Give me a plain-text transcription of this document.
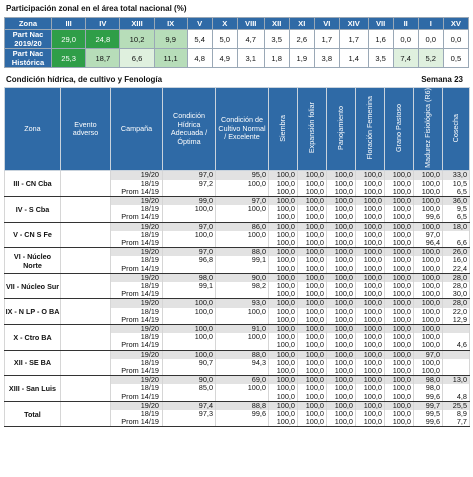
Participación zonal en el área total nacional (%)
Zona	III	IV	XIII	IX	V	X	VIII	XII	XI	VI	XIV	VII	II	I	XV
Part Nac 2019/20	29,0	24,8	10,2	9,9	5,4	5,0	4,7	3,5	2,6	1,7	1,7	1,6	0,0	0,0	0,0
Part Nac Histórica	25,3	18,7	6,6	11,1	4,8	4,9	3,1	1,8	1,9	3,8	1,4	3,5	7,4	5,2	0,5
Condición hídrica, de cultivo y Fenología	Semana 23
Zona	Evento adverso	Campaña	Condición Hídrica Adecuada / Óptima	Condición de Cultivo Normal / Excelente	Siembra	Expansión foliar	Panojamiento	Floración Femenina	Grano Pastoso	Madurez Fisiológica (R6)	Cosecha
III - CN Cba		19/20	97,0	95,0	100,0	100,0	100,0	100,0	100,0	100,0	33,0
		18/19	97,2	100,0	100,0	100,0	100,0	100,0	100,0	100,0	10,5
		Prom 14/19			100,0	100,0	100,0	100,0	100,0	100,0	6,5
IV - S Cba		19/20	99,0	97,0	100,0	100,0	100,0	100,0	100,0	100,0	36,0
		18/19	100,0	100,0	100,0	100,0	100,0	100,0	100,0	100,0	9,5
		Prom 14/19			100,0	100,0	100,0	100,0	100,0	99,6	6,5
V - CN S Fe		19/20	97,0	86,0	100,0	100,0	100,0	100,0	100,0	100,0	18,0
		18/19	100,0	100,0	100,0	100,0	100,0	100,0	100,0	97,0	
		Prom 14/19			100,0	100,0	100,0	100,0	100,0	96,4	6,6
VI - Núcleo Norte		19/20	97,0	88,0	100,0	100,0	100,0	100,0	100,0	100,0	26,0
		18/19	96,8	99,1	100,0	100,0	100,0	100,0	100,0	100,0	16,0
		Prom 14/19			100,0	100,0	100,0	100,0	100,0	100,0	22,4
VII - Núcleo Sur		19/20	98,0	90,0	100,0	100,0	100,0	100,0	100,0	100,0	28,0
		18/19	99,1	98,2	100,0	100,0	100,0	100,0	100,0	100,0	28,0
		Prom 14/19			100,0	100,0	100,0	100,0	100,0	100,0	30,0
IX - N LP - O BA		19/20	100,0	93,0	100,0	100,0	100,0	100,0	100,0	100,0	28,0
		18/19	100,0	100,0	100,0	100,0	100,0	100,0	100,0	100,0	22,0
		Prom 14/19			100,0	100,0	100,0	100,0	100,0	100,0	12,9
X - Ctro BA		19/20	100,0	91,0	100,0	100,0	100,0	100,0	100,0	100,0	
		18/19	100,0	100,0	100,0	100,0	100,0	100,0	100,0	100,0	
		Prom 14/19			100,0	100,0	100,0	100,0	100,0	100,0	4,6
XII - SE BA		19/20	100,0	88,0	100,0	100,0	100,0	100,0	100,0	97,0	
		18/19	90,7	94,3	100,0	100,0	100,0	100,0	100,0	100,0	
		Prom 14/19			100,0	100,0	100,0	100,0	100,0	100,0	
XIII - San Luis		19/20	90,0	69,0	100,0	100,0	100,0	100,0	100,0	98,0	13,0
		18/19	85,0	100,0	100,0	100,0	100,0	100,0	100,0	98,0	
		Prom 14/19			100,0	100,0	100,0	100,0	100,0	99,6	4,8
Total		19/20	97,4	88,8	100,0	100,0	100,0	100,0	100,0	99,7	25,5
		18/19	97,3	99,6	100,0	100,0	100,0	100,0	100,0	99,5	8,9
		Prom 14/19			100,0	100,0	100,0	100,0	100,0	99,6	7,7
